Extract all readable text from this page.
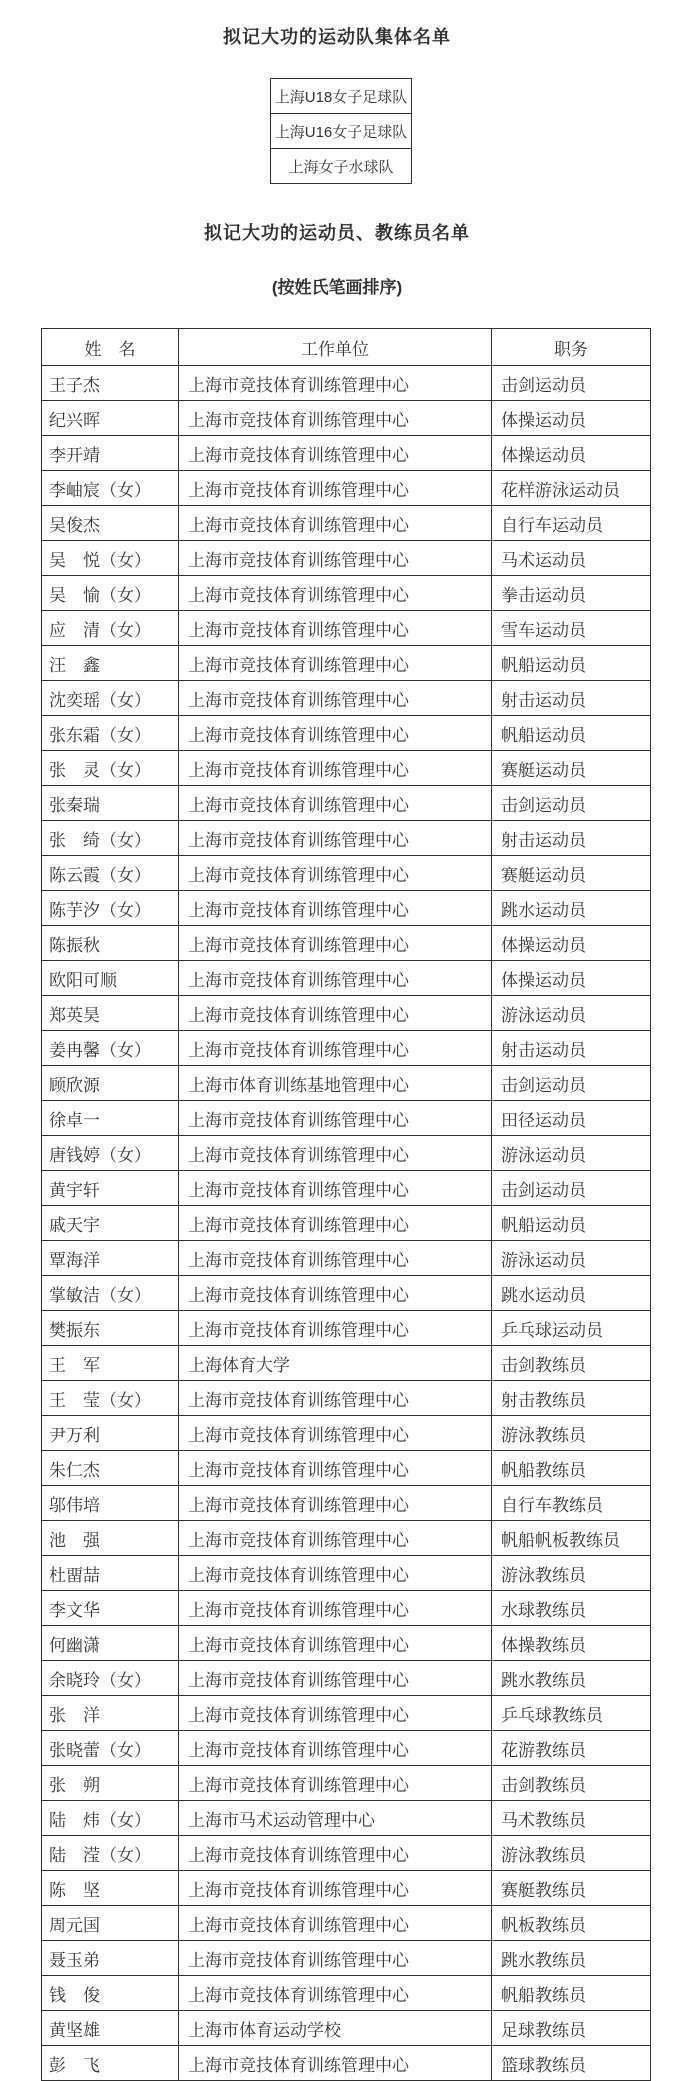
拟记大功的运动队集体名单
上海U18女子足球队
上海U16女子足球队
上海女子水球队
拟记大功的运动员、教练员名单
(按姓氏笔画排序)
姓　名	工作单位	职务
王子杰	上海市竞技体育训练管理中心	击剑运动员
纪兴晖	上海市竞技体育训练管理中心	体操运动员
李开靖	上海市竞技体育训练管理中心	体操运动员
李岫宸（女）	上海市竞技体育训练管理中心	花样游泳运动员
吴俊杰	上海市竞技体育训练管理中心	自行车运动员
吴　悦（女）	上海市竞技体育训练管理中心	马术运动员
吴　愉（女）	上海市竞技体育训练管理中心	拳击运动员
应　清（女）	上海市竞技体育训练管理中心	雪车运动员
汪　鑫	上海市竞技体育训练管理中心	帆船运动员
沈奕瑶（女）	上海市竞技体育训练管理中心	射击运动员
张东霜（女）	上海市竞技体育训练管理中心	帆船运动员
张　灵（女）	上海市竞技体育训练管理中心	赛艇运动员
张秦瑞	上海市竞技体育训练管理中心	击剑运动员
张　绮（女）	上海市竞技体育训练管理中心	射击运动员
陈云霞（女）	上海市竞技体育训练管理中心	赛艇运动员
陈芋汐（女）	上海市竞技体育训练管理中心	跳水运动员
陈振秋	上海市竞技体育训练管理中心	体操运动员
欧阳可顺	上海市竞技体育训练管理中心	体操运动员
郑英昊	上海市竞技体育训练管理中心	游泳运动员
姜冉馨（女）	上海市竞技体育训练管理中心	射击运动员
顾欣源	上海市体育训练基地管理中心	击剑运动员
徐卓一	上海市竞技体育训练管理中心	田径运动员
唐钱婷（女）	上海市竞技体育训练管理中心	游泳运动员
黄宇轩	上海市竞技体育训练管理中心	击剑运动员
戚天宇	上海市竞技体育训练管理中心	帆船运动员
覃海洋	上海市竞技体育训练管理中心	游泳运动员
掌敏洁（女）	上海市竞技体育训练管理中心	跳水运动员
樊振东	上海市竞技体育训练管理中心	乒乓球运动员
王　军	上海体育大学	击剑教练员
王　莹（女）	上海市竞技体育训练管理中心	射击教练员
尹万利	上海市竞技体育训练管理中心	游泳教练员
朱仁杰	上海市竞技体育训练管理中心	帆船教练员
邬伟培	上海市竞技体育训练管理中心	自行车教练员
池　强	上海市竞技体育训练管理中心	帆船帆板教练员
杜畱喆	上海市竞技体育训练管理中心	游泳教练员
李文华	上海市竞技体育训练管理中心	水球教练员
何幽潇	上海市竞技体育训练管理中心	体操教练员
余晓玲（女）	上海市竞技体育训练管理中心	跳水教练员
张　洋	上海市竞技体育训练管理中心	乒乓球教练员
张晓蕾（女）	上海市竞技体育训练管理中心	花游教练员
张　朔	上海市竞技体育训练管理中心	击剑教练员
陆　炜（女）	上海市马术运动管理中心	马术教练员
陆　滢（女）	上海市竞技体育训练管理中心	游泳教练员
陈　坚	上海市竞技体育训练管理中心	赛艇教练员
周元国	上海市竞技体育训练管理中心	帆板教练员
聂玉弟	上海市竞技体育训练管理中心	跳水教练员
钱　俊	上海市竞技体育训练管理中心	帆船教练员
黄坚雄	上海市体育运动学校	足球教练员
彭　飞	上海市竞技体育训练管理中心	篮球教练员
